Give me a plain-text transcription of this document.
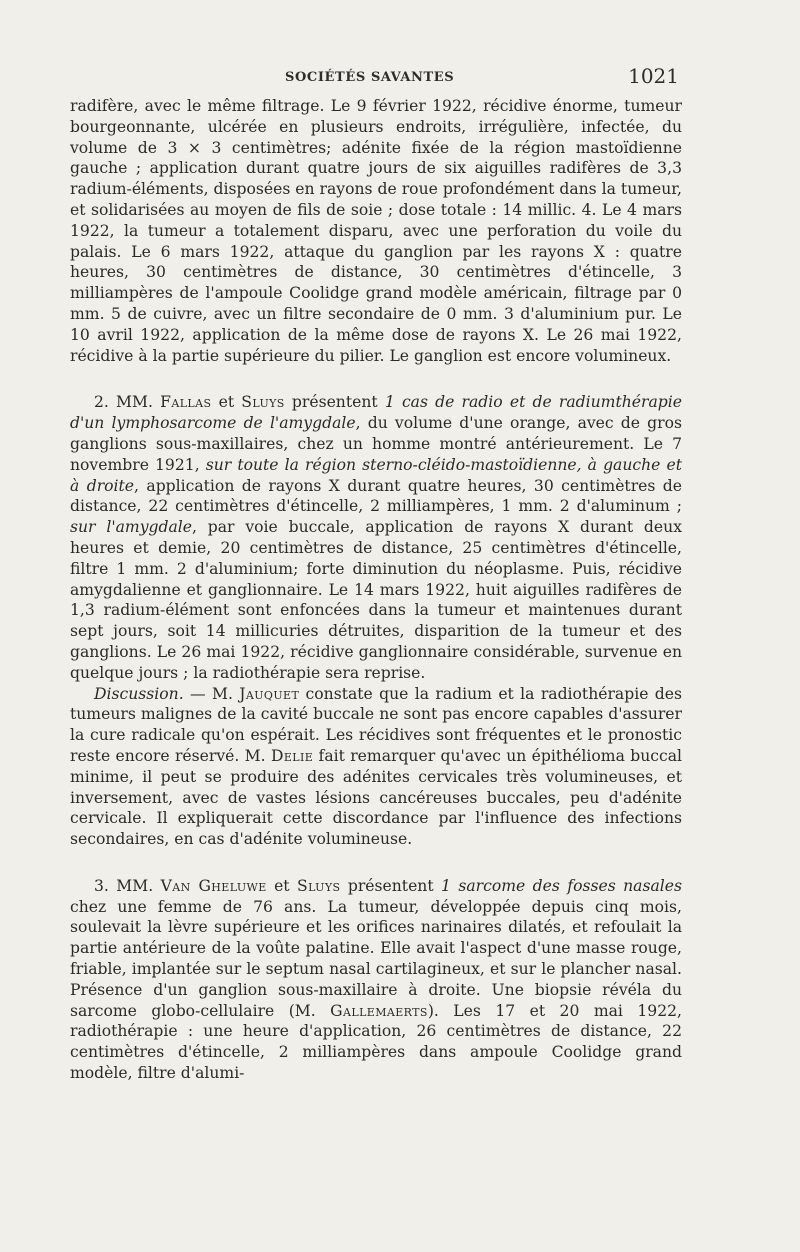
SOCIÉTÉS SAVANTES	1021

radifère, avec le même filtrage. Le 9 février 1922, récidive énorme, tumeur bourgeonnante, ulcérée en plusieurs endroits, irrégulière, infectée, du volume de 3 × 3 centimètres; adénite fixée de la région mastoïdienne gauche ; application durant quatre jours de six aiguilles radifères de 3,3 radium-éléments, disposées en rayons de roue profondément dans la tumeur, et solidarisées au moyen de fils de soie ; dose totale : 14 millic. 4. Le 4 mars 1922, la tumeur a totalement disparu, avec une perforation du voile du palais. Le 6 mars 1922, attaque du ganglion par les rayons X : quatre heures, 30 centimètres de distance, 30 centimètres d'étincelle, 3 milliampères de l'ampoule Coolidge grand modèle américain, filtrage par 0 mm. 5 de cuivre, avec un filtre secondaire de 0 mm. 3 d'aluminium pur. Le 10 avril 1922, application de la même dose de rayons X. Le 26 mai 1922, récidive à la partie supérieure du pilier. Le ganglion est encore volumineux.

2. MM. Fallas et Sluys présentent 1 cas de radio et de radiumthérapie d'un lymphosarcome de l'amygdale, du volume d'une orange, avec de gros ganglions sous-maxillaires, chez un homme montré antérieurement. Le 7 novembre 1921, sur toute la région sterno-cléido-mastoïdienne, à gauche et à droite, application de rayons X durant quatre heures, 30 centimètres de distance, 22 centimètres d'étincelle, 2 milliampères, 1 mm. 2 d'aluminum ; sur l'amygdale, par voie buccale, application de rayons X durant deux heures et demie, 20 centimètres de distance, 25 centimètres d'étincelle, filtre 1 mm. 2 d'aluminium; forte diminution du néoplasme. Puis, récidive amygdalienne et ganglionnaire. Le 14 mars 1922, huit aiguilles radifères de 1,3 radium-élément sont enfoncées dans la tumeur et maintenues durant sept jours, soit 14 millicuries détruites, disparition de la tumeur et des ganglions. Le 26 mai 1922, récidive ganglionnaire considérable, survenue en quelque jours ; la radiothérapie sera reprise.

Discussion. — M. Jauquet constate que la radium et la radiothérapie des tumeurs malignes de la cavité buccale ne sont pas encore capables d'assurer la cure radicale qu'on espérait. Les récidives sont fréquentes et le pronostic reste encore réservé. M. Delie fait remarquer qu'avec un épithélioma buccal minime, il peut se produire des adénites cervicales très volumineuses, et inversement, avec de vastes lésions cancéreuses buccales, peu d'adénite cervicale. Il expliquerait cette discordance par l'influence des infections secondaires, en cas d'adénite volumineuse.

3. MM. Van Gheluwe et Sluys présentent 1 sarcome des fosses nasales chez une femme de 76 ans. La tumeur, développée depuis cinq mois, soulevait la lèvre supérieure et les orifices narinaires dilatés, et refoulait la partie antérieure de la voûte palatine. Elle avait l'aspect d'une masse rouge, friable, implantée sur le septum nasal cartilagineux, et sur le plancher nasal. Présence d'un ganglion sous-maxillaire à droite. Une biopsie révéla du sarcome globo-cellulaire (M. Gallemaerts). Les 17 et 20 mai 1922, radiothérapie : une heure d'application, 26 centimètres de distance, 22 centimètres d'étincelle, 2 milliampères dans ampoule Coolidge grand modèle, filtre d'alumi-
